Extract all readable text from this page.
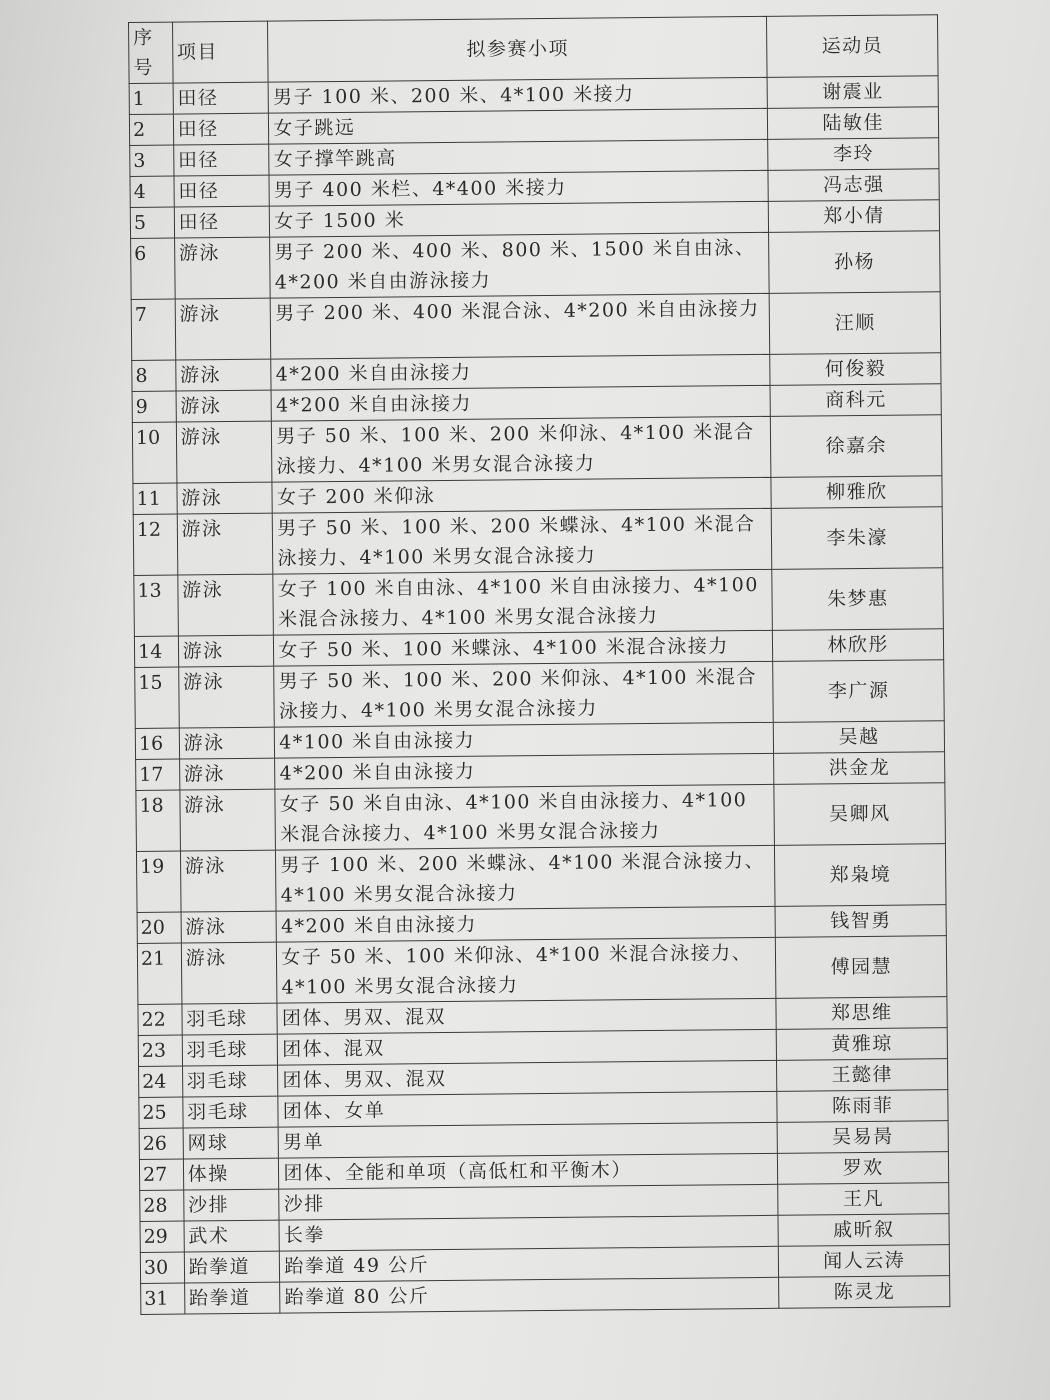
序号	项目	拟参赛小项	运动员
1	田径	男子 100 米、200 米、4*100 米接力	谢震业
2	田径	女子跳远	陆敏佳
3	田径	女子撑竿跳高	李玲
4	田径	男子 400 米栏、4*400 米接力	冯志强
5	田径	女子 1500 米	郑小倩
6	游泳	男子 200 米、400 米、800 米、1500 米自由泳、4*200 米自由游泳接力	孙杨
7	游泳	男子 200 米、400 米混合泳、4*200 米自由泳接力	汪顺
8	游泳	4*200 米自由泳接力	何俊毅
9	游泳	4*200 米自由泳接力	商科元
10	游泳	男子 50 米、100 米、200 米仰泳、4*100 米混合泳接力、4*100 米男女混合泳接力	徐嘉余
11	游泳	女子 200 米仰泳	柳雅欣
12	游泳	男子 50 米、100 米、200 米蝶泳、4*100 米混合泳接力、4*100 米男女混合泳接力	李朱濠
13	游泳	女子 100 米自由泳、4*100 米自由泳接力、4*100 米混合泳接力、4*100 米男女混合泳接力	朱梦惠
14	游泳	女子 50 米、100 米蝶泳、4*100 米混合泳接力	林欣彤
15	游泳	男子 50 米、100 米、200 米仰泳、4*100 米混合泳接力、4*100 米男女混合泳接力	李广源
16	游泳	4*100 米自由泳接力	吴越
17	游泳	4*200 米自由泳接力	洪金龙
18	游泳	女子 50 米自由泳、4*100 米自由泳接力、4*100 米混合泳接力、4*100 米男女混合泳接力	吴卿风
19	游泳	男子 100 米、200 米蝶泳、4*100 米混合泳接力、4*100 米男女混合泳接力	郑枭境
20	游泳	4*200 米自由泳接力	钱智勇
21	游泳	女子 50 米、100 米仰泳、4*100 米混合泳接力、4*100 米男女混合泳接力	傅园慧
22	羽毛球	团体、男双、混双	郑思维
23	羽毛球	团体、混双	黄雅琼
24	羽毛球	团体、男双、混双	王懿律
25	羽毛球	团体、女单	陈雨菲
26	网球	男单	吴易昺
27	体操	团体、全能和单项（高低杠和平衡木）	罗欢
28	沙排	沙排	王凡
29	武术	长拳	戚昕叙
30	跆拳道	跆拳道 49 公斤	闻人云涛
31	跆拳道	跆拳道 80 公斤	陈灵龙
